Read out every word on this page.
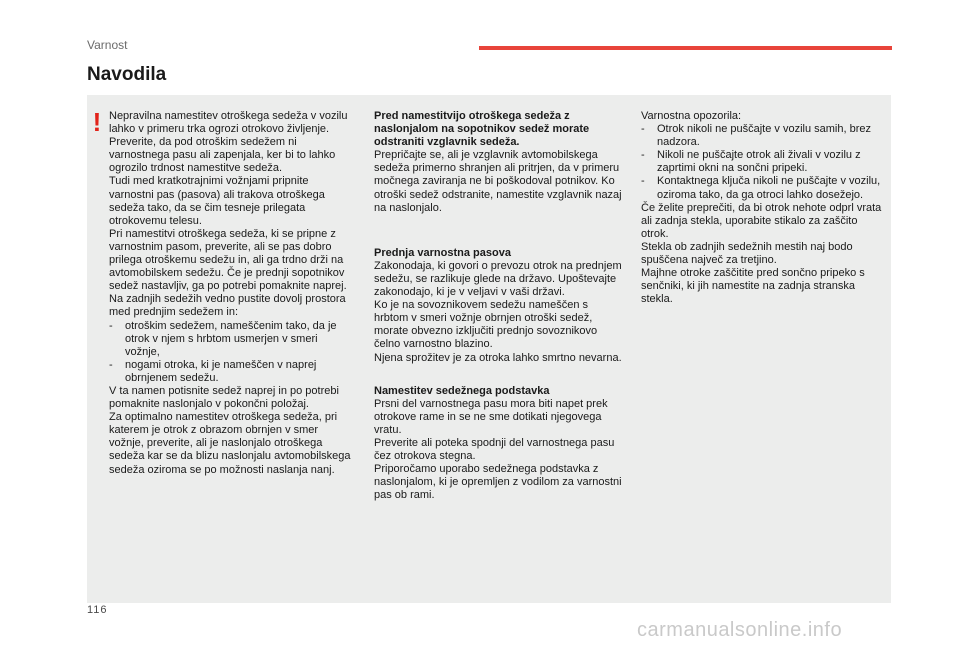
Varnost
Navodila
! Nepravilna namestitev otroškega sedeža v vozilu lahko v primeru trka ogrozi otrokovo življenje.

Preverite, da pod otroškim sedežem ni varnostnega pasu ali zapenjala, ker bi to lahko ogrozilo trdnost namestitve sedeža.

Tudi med kratkotrajnimi vožnjami pripnite varnostni pas (pasova) ali trakova otroškega sedeža tako, da se čim tesneje prilegata otrokovemu telesu.

Pri namestitvi otroškega sedeža, ki se pripne z varnostnim pasom, preverite, ali se pas dobro prilega otroškemu sedežu in, ali ga trdno drži na avtomobilskem sedežu. Če je prednji sopotnikov sedež nastavljiv, ga po potrebi pomaknite naprej.

Na zadnjih sedežih vedno pustite dovolj prostora med prednjim sedežem in:

- otroškim sedežem, nameščenim tako, da je otrok v njem s hrbtom usmerjen v smeri vožnje,
- nogami otroka, ki je nameščen v naprej obrnjenem sedežu.

V ta namen potisnite sedež naprej in po potrebi pomaknite naslonjalo v pokončni položaj.

Za optimalno namestitev otroškega sedeža, pri katerem je otrok z obrazom obrnjen v smer vožnje, preverite, ali je naslonjalo otroškega sedeža kar se da blizu naslonjalu avtomobilskega sedeža oziroma se po možnosti naslanja nanj.

Pred namestitvijo otroškega sedeža z naslonjalom na sopotnikov sedež morate odstraniti vzglavnik sedeža.

Prepričajte se, ali je vzglavnik avtomobilskega sedeža primerno shranjen ali pritrjen, da v primeru močnega zaviranja ne bi poškodoval potnikov. Ko otroški sedež odstranite, namestite vzglavnik nazaj na naslonjalo.

Prednja varnostna pasova

Zakonodaja, ki govori o prevozu otrok na prednjem sedežu, se razlikuje glede na državo. Upoštevajte zakonodajo, ki je v veljavi v vaši državi.

Ko je na sovoznikovem sedežu nameščen s hrbtom v smeri vožnje obrnjen otroški sedež, morate obvezno izključiti prednjo sovoznikovo čelno varnostno blazino.

Njena sprožitev je za otroka lahko smrtno nevarna.

Namestitev sedežnega podstavka

Prsni del varnostnega pasu mora biti napet prek otrokove rame in se ne sme dotikati njegovega vratu.

Preverite ali poteka spodnji del varnostnega pasu čez otrokova stegna.

Priporočamo uporabo sedežnega podstavka z naslonjalom, ki je opremljen z vodilom za varnostni pas ob rami.

Varnostna opozorila:

- Otrok nikoli ne puščajte v vozilu samih, brez nadzora.
- Nikoli ne puščajte otrok ali živali v vozilu z zaprtimi okni na sončni pripeki.
- Kontaktnega ključa nikoli ne puščajte v vozilu, oziroma tako, da ga otroci lahko dosežejo.

Če želite preprečiti, da bi otrok nehote odprl vrata ali zadnja stekla, uporabite stikalo za zaščito otrok.

Stekla ob zadnjih sedežnih mestih naj bodo spuščena največ za tretjino.

Majhne otroke zaščitite pred sončno pripeko s senčniki, ki jih namestite na zadnja stranska stekla.

116
carmanualsonline.info
